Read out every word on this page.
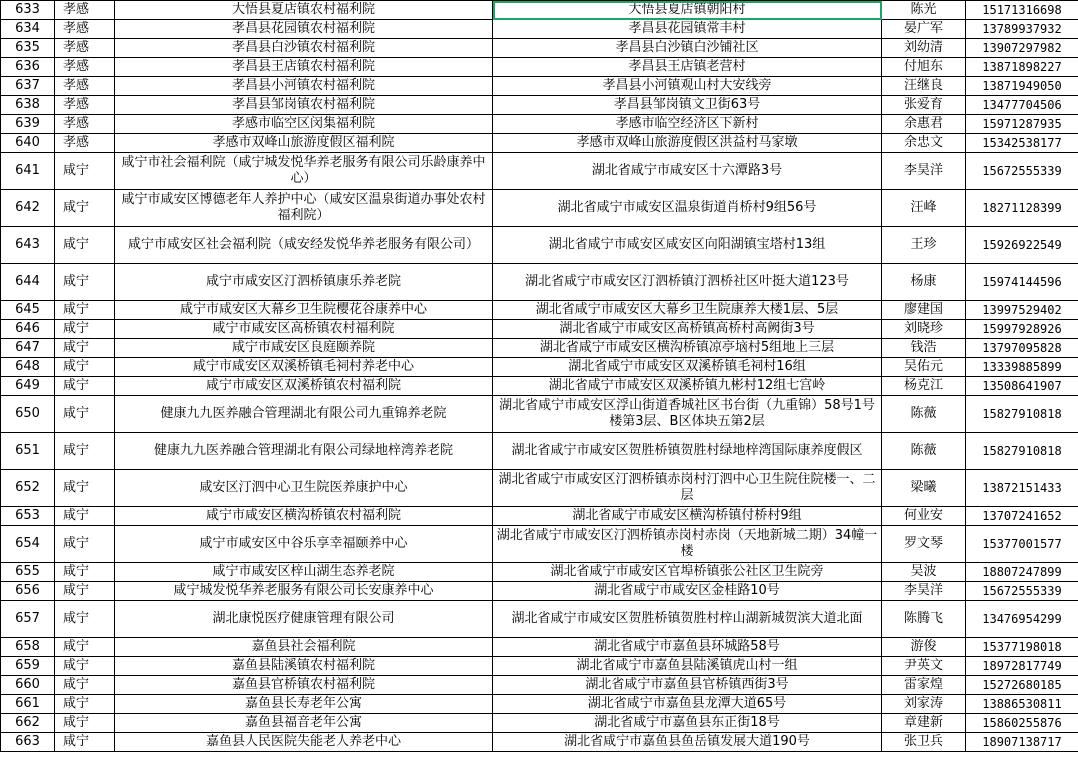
633	孝感	大悟县夏店镇农村福利院	大悟县夏店镇朝阳村	陈光	15171316698
634	孝感	孝昌县花园镇农村福利院	孝昌县花园镇常丰村	晏广军	13789937932
635	孝感	孝昌县白沙镇农村福利院	孝昌县白沙镇白沙铺社区	刘幼清	13907297982
636	孝感	孝昌县王店镇农村福利院	孝昌县王店镇老营村	付旭东	13871898227
637	孝感	孝昌县小河镇农村福利院	孝昌县小河镇观山村大安线旁	汪继良	13871949050
638	孝感	孝昌县邹岗镇农村福利院	孝昌县邹岗镇文卫街63号	张爱育	13477704506
639	孝感	孝感市临空区闵集福利院	孝感市临空经济区下新村	余惠君	15971287935
640	孝感	孝感市双峰山旅游度假区福利院	孝感市双峰山旅游度假区洪益村马家墩	余忠文	15342538177
641	咸宁	咸宁市社会福利院（咸宁城发悦华养老服务有限公司乐龄康养中心）	湖北省咸宁市咸安区十六潭路3号	李昊洋	15672555339
642	咸宁	咸宁市咸安区博德老年人养护中心（咸安区温泉街道办事处农村福利院）	湖北省咸宁市咸安区温泉街道肖桥村9组56号	汪峰	18271128399
643	咸宁	咸宁市咸安区社会福利院（咸安经发悦华养老服务有限公司）	湖北省咸宁市咸安区咸安区向阳湖镇宝塔村13组	王珍	15926922549
644	咸宁	咸宁市咸安区汀泗桥镇康乐养老院	湖北省咸宁市咸安区汀泗桥镇汀泗桥社区叶挺大道123号	杨康	15974144596
645	咸宁	咸宁市咸安区大幕乡卫生院樱花谷康养中心	湖北省咸宁市咸安区大幕乡卫生院康养大楼1层、5层	廖建国	13997529402
646	咸宁	咸宁市咸安区高桥镇农村福利院	湖北省咸宁市咸安区高桥镇高桥村高阙街3号	刘晓珍	15997928926
647	咸宁	咸宁市咸安区良庭颐养院	湖北省咸宁市咸安区横沟桥镇凉亭垴村5组地上三层	钱浩	13797095828
648	咸宁	咸宁市咸安区双溪桥镇毛祠村养老中心	湖北省咸宁市咸安区双溪桥镇毛祠村16组	吴佑元	13339885899
649	咸宁	咸宁市咸安区双溪桥镇农村福利院	湖北省咸宁市咸安区双溪桥镇九彬村12组七宫岭	杨克江	13508641907
650	咸宁	健康九九医养融合管理湖北有限公司九重锦养老院	湖北省咸宁市咸安区浮山街道香城社区书台街（九重锦）58号1号楼第3层、B区体块五第2层	陈薇	15827910818
651	咸宁	健康九九医养融合管理湖北有限公司绿地梓湾养老院	湖北省咸宁市咸安区贺胜桥镇贺胜村绿地梓湾国际康养度假区	陈薇	15827910818
652	咸宁	咸安区汀泗中心卫生院医养康护中心	湖北省咸宁市咸安区汀泗桥镇赤岗村汀泗中心卫生院住院楼一、二层	梁曦	13872151433
653	咸宁	咸宁市咸安区横沟桥镇农村福利院	湖北省咸宁市咸安区横沟桥镇付桥村9组	何业安	13707241652
654	咸宁	咸宁市咸安区中谷乐享幸福颐养中心	湖北省咸宁市咸安区汀泗桥镇赤岗村赤岗（天地新城二期）34幢一楼	罗文琴	15377001577
655	咸宁	咸宁市咸安区梓山湖生态养老院	湖北省咸宁市咸安区官埠桥镇张公社区卫生院旁	吴波	18807247899
656	咸宁	咸宁城发悦华养老服务有限公司长安康养中心	湖北省咸宁市咸安区金桂路10号	李昊洋	15672555339
657	咸宁	湖北康悦医疗健康管理有限公司	湖北省咸宁市咸安区贺胜桥镇贺胜村梓山湖新城贺滨大道北面	陈腾飞	13476954299
658	咸宁	嘉鱼县社会福利院	湖北省咸宁市嘉鱼县环城路58号	游俊	15377198018
659	咸宁	嘉鱼县陆溪镇农村福利院	湖北省咸宁市嘉鱼县陆溪镇虎山村一组	尹英文	18972817749
660	咸宁	嘉鱼县官桥镇农村福利院	湖北省咸宁市嘉鱼县官桥镇西街3号	雷家煌	15272680185
661	咸宁	嘉鱼县长寿老年公寓	湖北省咸宁市嘉鱼县龙潭大道65号	刘家涛	13886530811
662	咸宁	嘉鱼县福音老年公寓	湖北省咸宁市嘉鱼县东正街18号	章建新	15860255876
663	咸宁	嘉鱼县人民医院失能老人养老中心	湖北省咸宁市嘉鱼县鱼岳镇发展大道190号	张卫兵	18907138717
